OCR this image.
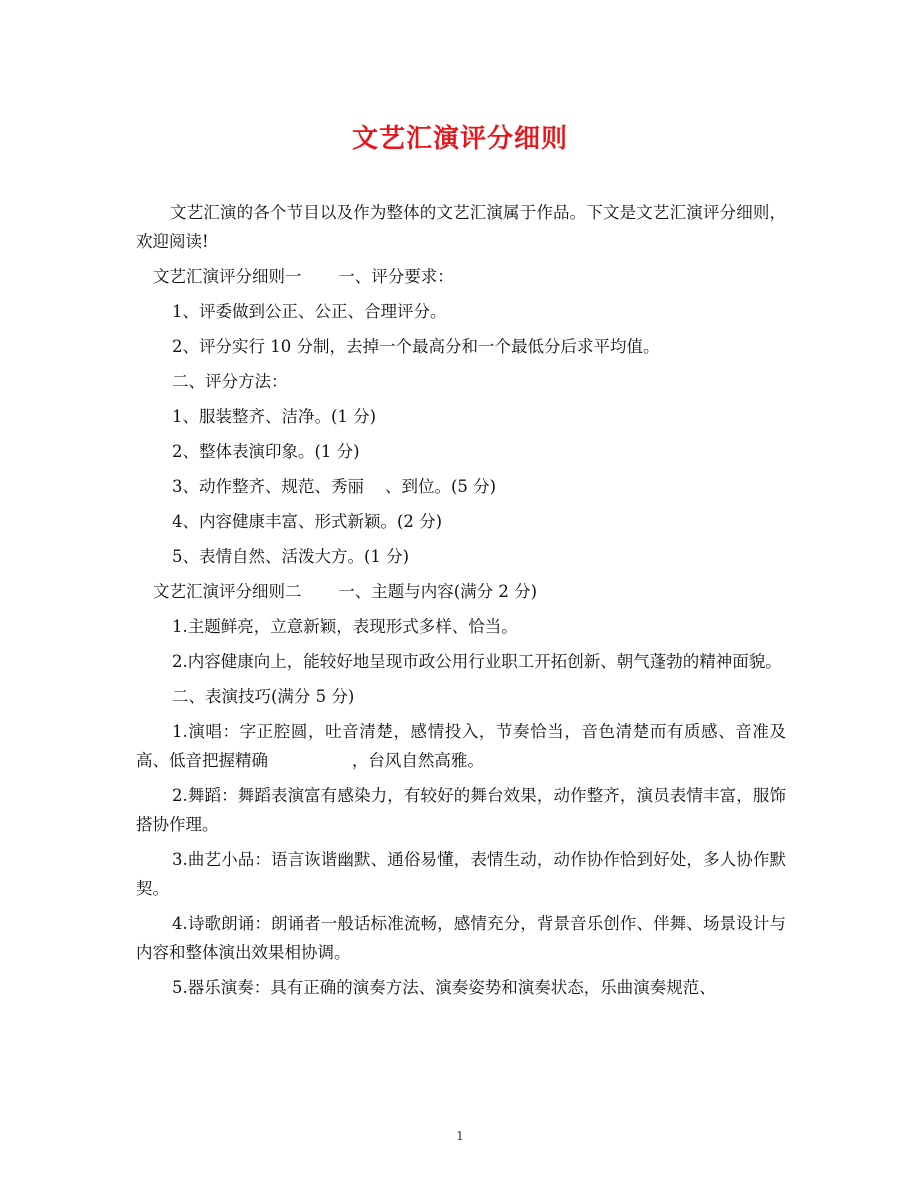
文艺汇演评分细则

文艺汇演的各个节目以及作为整体的文艺汇演属于作品。下文是文艺汇演评分细则，欢迎阅读!

文艺汇演评分细则一       一、评分要求：

1、评委做到公正、公正、合理评分。

2、评分实行 10 分制，去掉一个最高分和一个最低分后求平均值。

二、评分方法：

1、服装整齐、洁净。(1 分)

2、整体表演印象。(1 分)

3、动作整齐、规范、秀丽    、到位。(5 分)

4、内容健康丰富、形式新颖。(2 分)

5、表情自然、活泼大方。(1 分)

文艺汇演评分细则二       一、主题与内容(满分 2 分)

1.主题鲜亮，立意新颖，表现形式多样、恰当。

2.内容健康向上，能较好地呈现市政公用行业职工开拓创新、朝气蓬勃的精神面貌。

二、表演技巧(满分 5 分)

1.演唱：字正腔圆，吐音清楚，感情投入，节奏恰当，音色清楚而有质感、音准及高、低音把握精确                ，台风自然高雅。

2.舞蹈：舞蹈表演富有感染力，有较好的舞台效果，动作整齐，演员表情丰富，服饰搭协作理。

3.曲艺小品：语言诙谐幽默、通俗易懂，表情生动，动作协作恰到好处，多人协作默契。

4.诗歌朗诵：朗诵者一般话标准流畅，感情充分，背景音乐创作、伴舞、场景设计与内容和整体演出效果相协调。

5.器乐演奏：具有正确的演奏方法、演奏姿势和演奏状态，乐曲演奏规范、

1
